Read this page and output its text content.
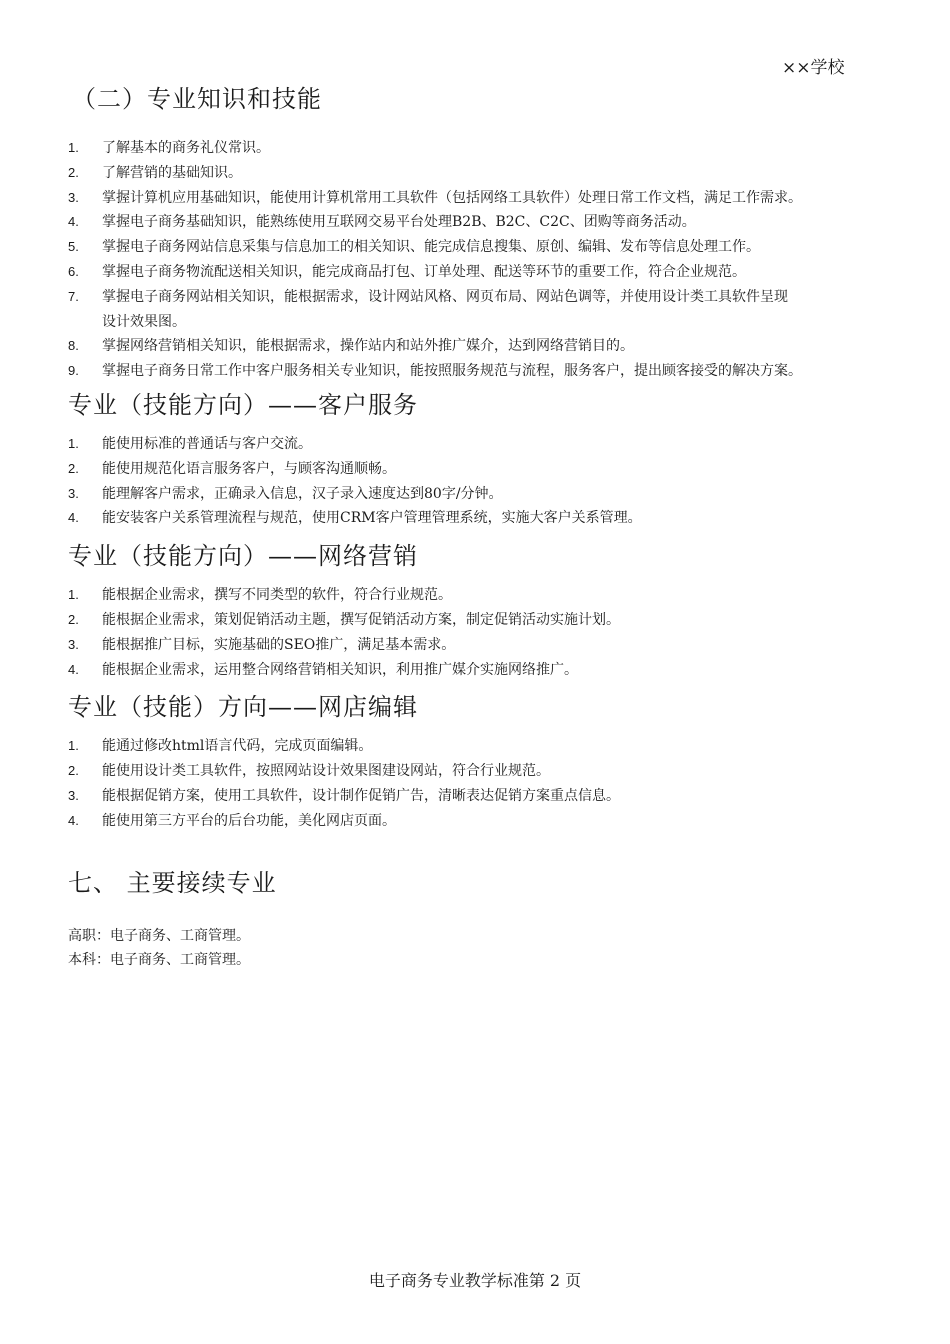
××学校
（二）专业知识和技能
1. 了解基本的商务礼仪常识。
2. 了解营销的基础知识。
3. 掌握计算机应用基础知识，能使用计算机常用工具软件（包括网络工具软件）处理日常工作文档，满足工作需求。
4. 掌握电子商务基础知识，能熟练使用互联网交易平台处理B2B、B2C、C2C、团购等商务活动。
5. 掌握电子商务网站信息采集与信息加工的相关知识、能完成信息搜集、原创、编辑、发布等信息处理工作。
6. 掌握电子商务物流配送相关知识，能完成商品打包、订单处理、配送等环节的重要工作，符合企业规范。
7. 掌握电子商务网站相关知识，能根据需求，设计网站风格、网页布局、网站色调等，并使用设计类工具软件呈现
设计效果图。
8. 掌握网络营销相关知识，能根据需求，操作站内和站外推广媒介，达到网络营销目的。
9. 掌握电子商务日常工作中客户服务相关专业知识，能按照服务规范与流程，服务客户，提出顾客接受的解决方案。
专业（技能方向）——客户服务
1. 能使用标准的普通话与客户交流。
2. 能使用规范化语言服务客户，与顾客沟通顺畅。
3. 能理解客户需求，正确录入信息，汉子录入速度达到80字/分钟。
4. 能安装客户关系管理流程与规范，使用CRM客户管理管理系统，实施大客户关系管理。
专业（技能方向）——网络营销
1. 能根据企业需求，撰写不同类型的软件，符合行业规范。
2. 能根据企业需求，策划促销活动主题，撰写促销活动方案，制定促销活动实施计划。
3. 能根据推广目标，实施基础的SEO推广，满足基本需求。
4. 能根据企业需求，运用整合网络营销相关知识，利用推广媒介实施网络推广。
专业（技能）方向——网店编辑
1. 能通过修改html语言代码，完成页面编辑。
2. 能使用设计类工具软件，按照网站设计效果图建设网站，符合行业规范。
3. 能根据促销方案，使用工具软件，设计制作促销广告，清晰表达促销方案重点信息。
4. 能使用第三方平台的后台功能，美化网店页面。
七、 主要接续专业
高职：电子商务、工商管理。
本科：电子商务、工商管理。
电子商务专业教学标准第 2 页
